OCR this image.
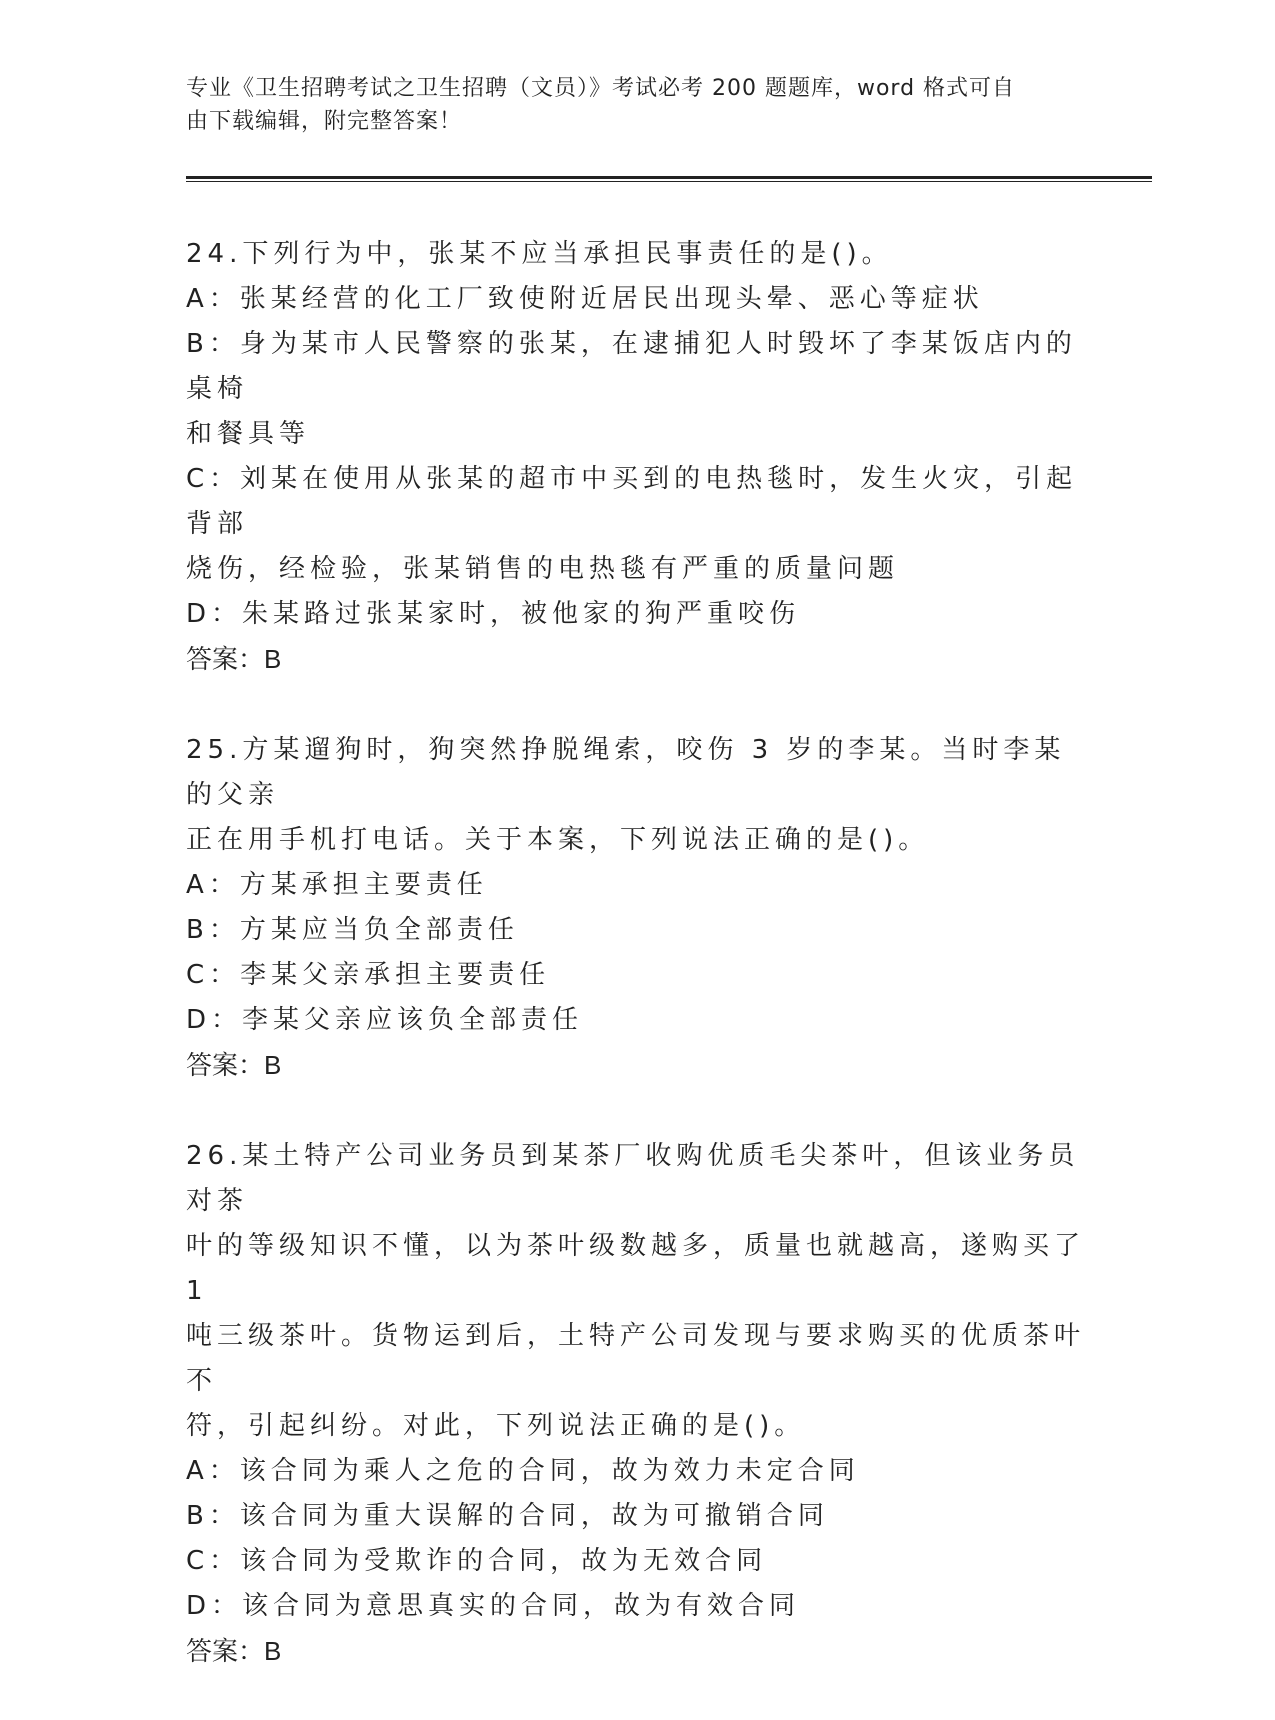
专业《卫生招聘考试之卫生招聘（文员）》考试必考 200 题题库，word 格式可自
由下载编辑，附完整答案！
24.下列行为中，张某不应当承担民事责任的是()。
A：张某经营的化工厂致使附近居民出现头晕、恶心等症状
B：身为某市人民警察的张某，在逮捕犯人时毁坏了李某饭店内的桌椅
和餐具等
C：刘某在使用从张某的超市中买到的电热毯时，发生火灾，引起背部
烧伤，经检验，张某销售的电热毯有严重的质量问题
D：朱某路过张某家时，被他家的狗严重咬伤
答案：B
25.方某遛狗时，狗突然挣脱绳索，咬伤 3 岁的李某。当时李某的父亲
正在用手机打电话。关于本案，下列说法正确的是()。
A：方某承担主要责任
B：方某应当负全部责任
C：李某父亲承担主要责任
D：李某父亲应该负全部责任
答案：B
26.某土特产公司业务员到某茶厂收购优质毛尖茶叶，但该业务员对茶
叶的等级知识不懂，以为茶叶级数越多，质量也就越高，遂购买了 1
吨三级茶叶。货物运到后，土特产公司发现与要求购买的优质茶叶不
符，引起纠纷。对此，下列说法正确的是()。
A：该合同为乘人之危的合同，故为效力未定合同
B：该合同为重大误解的合同，故为可撤销合同
C：该合同为受欺诈的合同，故为无效合同
D：该合同为意思真实的合同，故为有效合同
答案：B
